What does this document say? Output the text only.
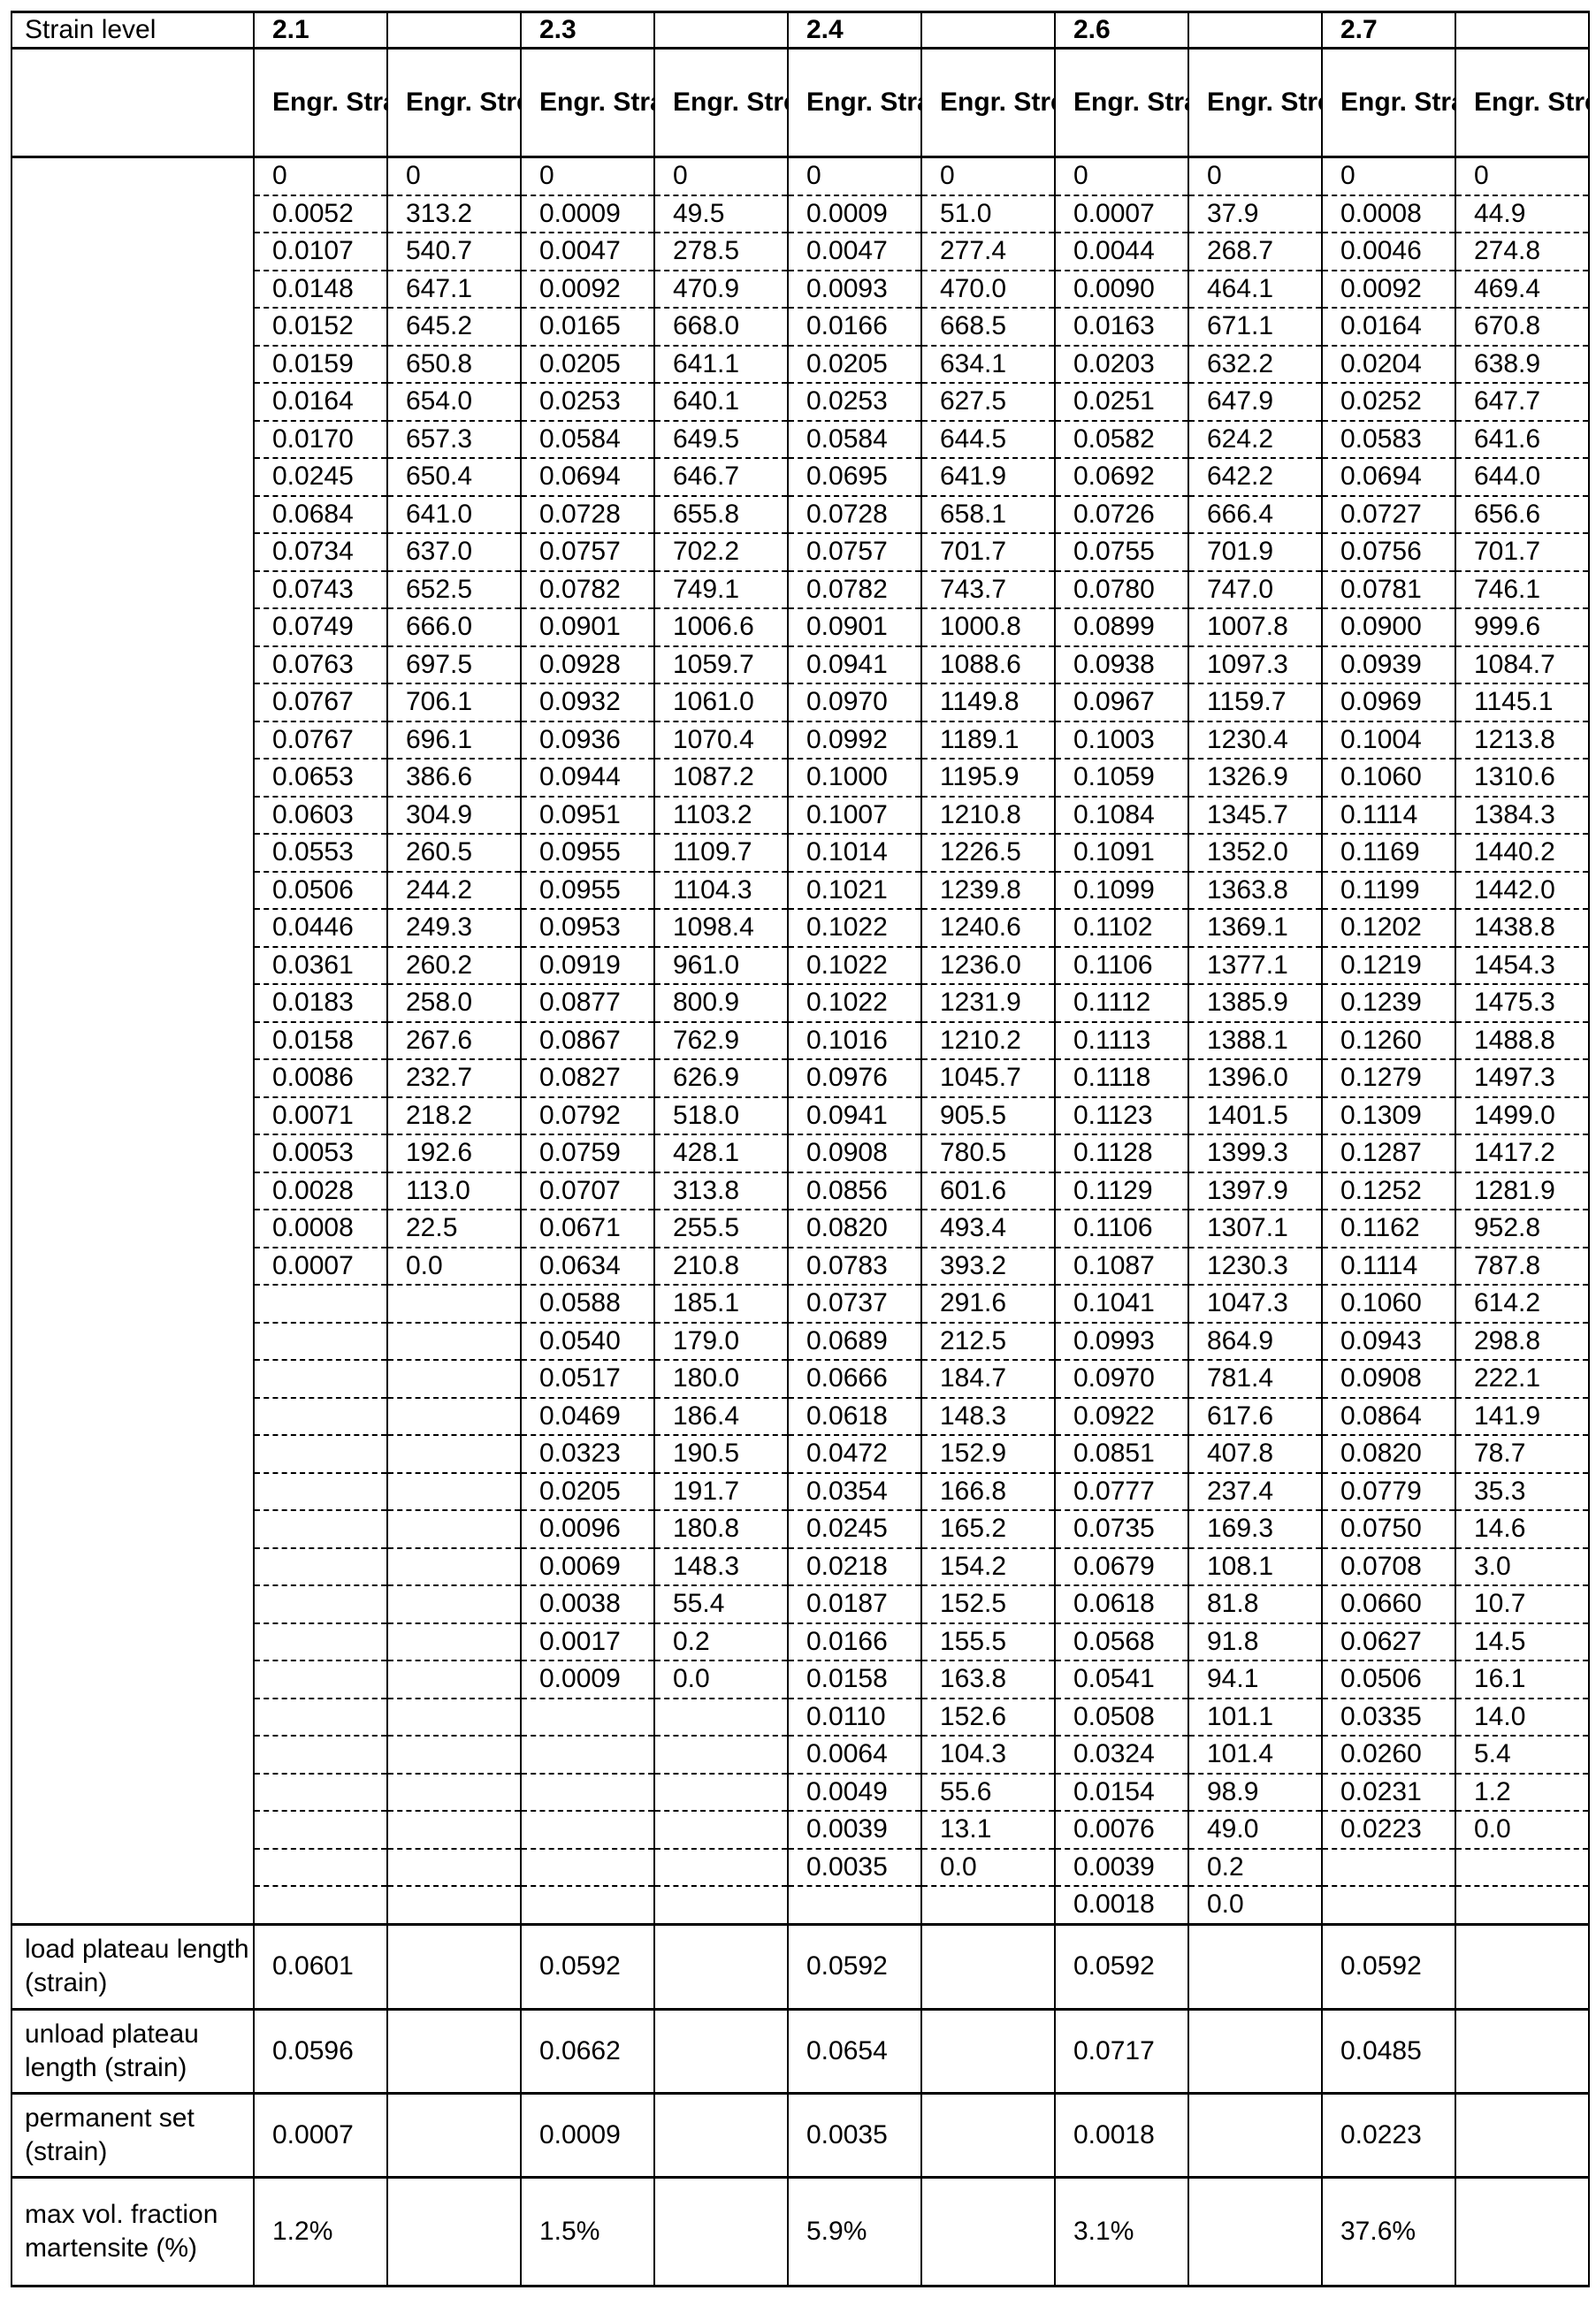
Strain level	2.1		2.3		2.4		2.6		2.7	
	Engr. Str	Engr. Str	Engr. Str	Engr. Str	Engr. Str	Engr. Str	Engr. Str	Engr. Str	Engr. Str	Engr. Str
	0	0	0	0	0	0	0	0	0	0
0.0052	313.2	0.0009	49.5	0.0009	51.0	0.0007	37.9	0.0008	44.9
0.0107	540.7	0.0047	278.5	0.0047	277.4	0.0044	268.7	0.0046	274.8
0.0148	647.1	0.0092	470.9	0.0093	470.0	0.0090	464.1	0.0092	469.4
0.0152	645.2	0.0165	668.0	0.0166	668.5	0.0163	671.1	0.0164	670.8
0.0159	650.8	0.0205	641.1	0.0205	634.1	0.0203	632.2	0.0204	638.9
0.0164	654.0	0.0253	640.1	0.0253	627.5	0.0251	647.9	0.0252	647.7
0.0170	657.3	0.0584	649.5	0.0584	644.5	0.0582	624.2	0.0583	641.6
0.0245	650.4	0.0694	646.7	0.0695	641.9	0.0692	642.2	0.0694	644.0
0.0684	641.0	0.0728	655.8	0.0728	658.1	0.0726	666.4	0.0727	656.6
0.0734	637.0	0.0757	702.2	0.0757	701.7	0.0755	701.9	0.0756	701.7
0.0743	652.5	0.0782	749.1	0.0782	743.7	0.0780	747.0	0.0781	746.1
0.0749	666.0	0.0901	1006.6	0.0901	1000.8	0.0899	1007.8	0.0900	999.6
0.0763	697.5	0.0928	1059.7	0.0941	1088.6	0.0938	1097.3	0.0939	1084.7
0.0767	706.1	0.0932	1061.0	0.0970	1149.8	0.0967	1159.7	0.0969	1145.1
0.0767	696.1	0.0936	1070.4	0.0992	1189.1	0.1003	1230.4	0.1004	1213.8
0.0653	386.6	0.0944	1087.2	0.1000	1195.9	0.1059	1326.9	0.1060	1310.6
0.0603	304.9	0.0951	1103.2	0.1007	1210.8	0.1084	1345.7	0.1114	1384.3
0.0553	260.5	0.0955	1109.7	0.1014	1226.5	0.1091	1352.0	0.1169	1440.2
0.0506	244.2	0.0955	1104.3	0.1021	1239.8	0.1099	1363.8	0.1199	1442.0
0.0446	249.3	0.0953	1098.4	0.1022	1240.6	0.1102	1369.1	0.1202	1438.8
0.0361	260.2	0.0919	961.0	0.1022	1236.0	0.1106	1377.1	0.1219	1454.3
0.0183	258.0	0.0877	800.9	0.1022	1231.9	0.1112	1385.9	0.1239	1475.3
0.0158	267.6	0.0867	762.9	0.1016	1210.2	0.1113	1388.1	0.1260	1488.8
0.0086	232.7	0.0827	626.9	0.0976	1045.7	0.1118	1396.0	0.1279	1497.3
0.0071	218.2	0.0792	518.0	0.0941	905.5	0.1123	1401.5	0.1309	1499.0
0.0053	192.6	0.0759	428.1	0.0908	780.5	0.1128	1399.3	0.1287	1417.2
0.0028	113.0	0.0707	313.8	0.0856	601.6	0.1129	1397.9	0.1252	1281.9
0.0008	22.5	0.0671	255.5	0.0820	493.4	0.1106	1307.1	0.1162	952.8
0.0007	0.0	0.0634	210.8	0.0783	393.2	0.1087	1230.3	0.1114	787.8
		0.0588	185.1	0.0737	291.6	0.1041	1047.3	0.1060	614.2
		0.0540	179.0	0.0689	212.5	0.0993	864.9	0.0943	298.8
		0.0517	180.0	0.0666	184.7	0.0970	781.4	0.0908	222.1
		0.0469	186.4	0.0618	148.3	0.0922	617.6	0.0864	141.9
		0.0323	190.5	0.0472	152.9	0.0851	407.8	0.0820	78.7
		0.0205	191.7	0.0354	166.8	0.0777	237.4	0.0779	35.3
		0.0096	180.8	0.0245	165.2	0.0735	169.3	0.0750	14.6
		0.0069	148.3	0.0218	154.2	0.0679	108.1	0.0708	3.0
		0.0038	55.4	0.0187	152.5	0.0618	81.8	0.0660	10.7
		0.0017	0.2	0.0166	155.5	0.0568	91.8	0.0627	14.5
		0.0009	0.0	0.0158	163.8	0.0541	94.1	0.0506	16.1
				0.0110	152.6	0.0508	101.1	0.0335	14.0
				0.0064	104.3	0.0324	101.4	0.0260	5.4
				0.0049	55.6	0.0154	98.9	0.0231	1.2
				0.0039	13.1	0.0076	49.0	0.0223	0.0
				0.0035	0.0	0.0039	0.2		
						0.0018	0.0		
load plateau length (strain)	0.0601		0.0592		0.0592		0.0592		0.0592	
unload plateau length (strain)	0.0596		0.0662		0.0654		0.0717		0.0485	
permanent set (strain)	0.0007		0.0009		0.0035		0.0018		0.0223	
max vol. fraction martensite (%)	1.2%		1.5%		5.9%		3.1%		37.6%	
